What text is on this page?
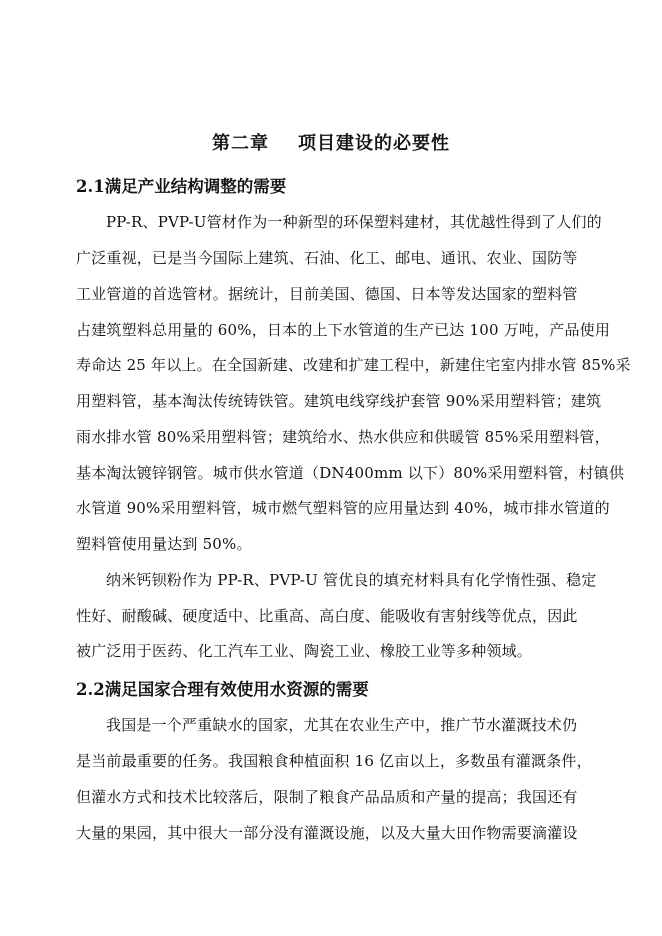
第二章    项目建设的必要性
2.1满足产业结构调整的需要
PP-R、PVP-U管材作为一种新型的环保塑料建材，其优越性得到了人们的
广泛重视，已是当今国际上建筑、石油、化工、邮电、通讯、农业、国防等
工业管道的首选管材。据统计，目前美国、德国、日本等发达国家的塑料管
占建筑塑料总用量的 60%，日本的上下水管道的生产已达 100 万吨，产品使用
寿命达 25 年以上。在全国新建、改建和扩建工程中，新建住宅室内排水管 85%采
用塑料管，基本淘汰传统铸铁管。建筑电线穿线护套管 90%采用塑料管；建筑
雨水排水管 80%采用塑料管；建筑给水、热水供应和供暖管 85%采用塑料管，
基本淘汰镀锌钢管。城市供水管道（DN400mm 以下）80%采用塑料管，村镇供
水管道 90%采用塑料管，城市燃气塑料管的应用量达到 40%，城市排水管道的
塑料管使用量达到 50%。
纳米钙钡粉作为 PP-R、PVP-U 管优良的填充材料具有化学惰性强、稳定
性好、耐酸碱、硬度适中、比重高、高白度、能吸收有害射线等优点，因此
被广泛用于医药、化工汽车工业、陶瓷工业、橡胶工业等多种领域。
2.2满足国家合理有效使用水资源的需要
我国是一个严重缺水的国家，尤其在农业生产中，推广节水灌溉技术仍
是当前最重要的任务。我国粮食种植面积 16 亿亩以上，多数虽有灌溉条件，
但灌水方式和技术比较落后，限制了粮食产品品质和产量的提高；我国还有
大量的果园，其中很大一部分没有灌溉设施，以及大量大田作物需要滴灌设
